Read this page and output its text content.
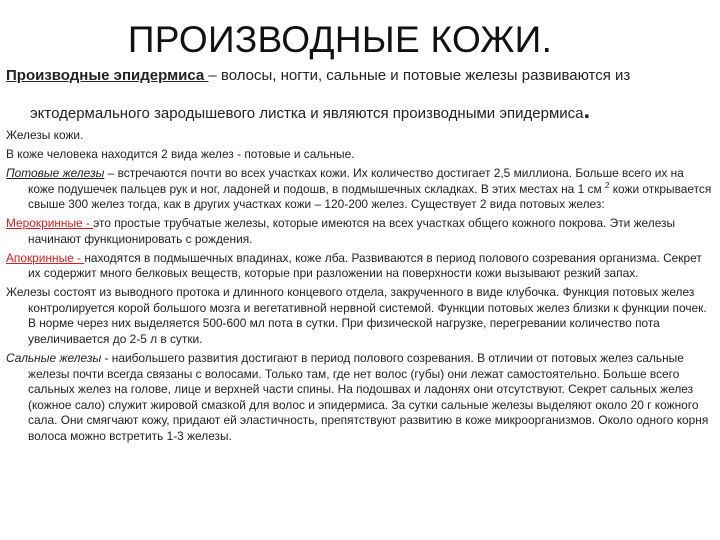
ПРОИЗВОДНЫЕ КОЖИ.
Производные эпидермиса – волосы, ногти, сальные и потовые железы развиваются из
эктодермального зародышевого листка и являются производными эпидермиса.

Железы кожи.

В коже человека находится 2 вида желез - потовые и сальные.

Потовые железы – встречаются почти во всех участках кожи. Их количество достигает 2,5 миллиона. Больше всего их на коже подушечек пальцев рук и ног, ладоней и подошв, в подмышечных складках. В этих местах на 1 см $^2$ кожи открывается свыше 300 желез тогда, как в других участках кожи – 120-200 желез. Существует 2 вида потовых желез:

Мерокринные - это простые трубчатые железы, которые имеются на всех участках общего кожного покрова. Эти железы начинают функционировать с рождения.

Апокринные - находятся в подмышечных впадинах, коже лба. Развиваются в период полового созревания организма. Секрет их содержит много белковых веществ, которые при разложении на поверхности кожи вызывают резкий запах.

Железы состоят из выводного протока и длинного концевого отдела, закрученного в виде клубочка. Функция потовых желез контролируется корой большого мозга и вегетативной нервной системой. Функции потовых желез близки к функции почек. В норме через них выделяется 500-600 мл пота в сутки. При физической нагрузке, перегревании количество пота увеличивается до 2-5 л в сутки.

Сальные железы - наибольшего развития достигают в период полового созревания. В отличии от потовых желез сальные железы почти всегда связаны с волосами. Только там, где нет волос (губы) они лежат самостоятельно. Больше всего сальных желез на голове, лице и верхней части спины. На подошвах и ладонях они отсутствуют. Секрет сальных желез (кожное сало) служит жировой смазкой для волос и эпидермиса. За сутки сальные железы выделяют около 20 г кожного сала. Они смягчают кожу, придают ей эластичность, препятствуют развитию в коже микроорганизмов. Около одного корня волоса можно встретить 1-3 железы.
